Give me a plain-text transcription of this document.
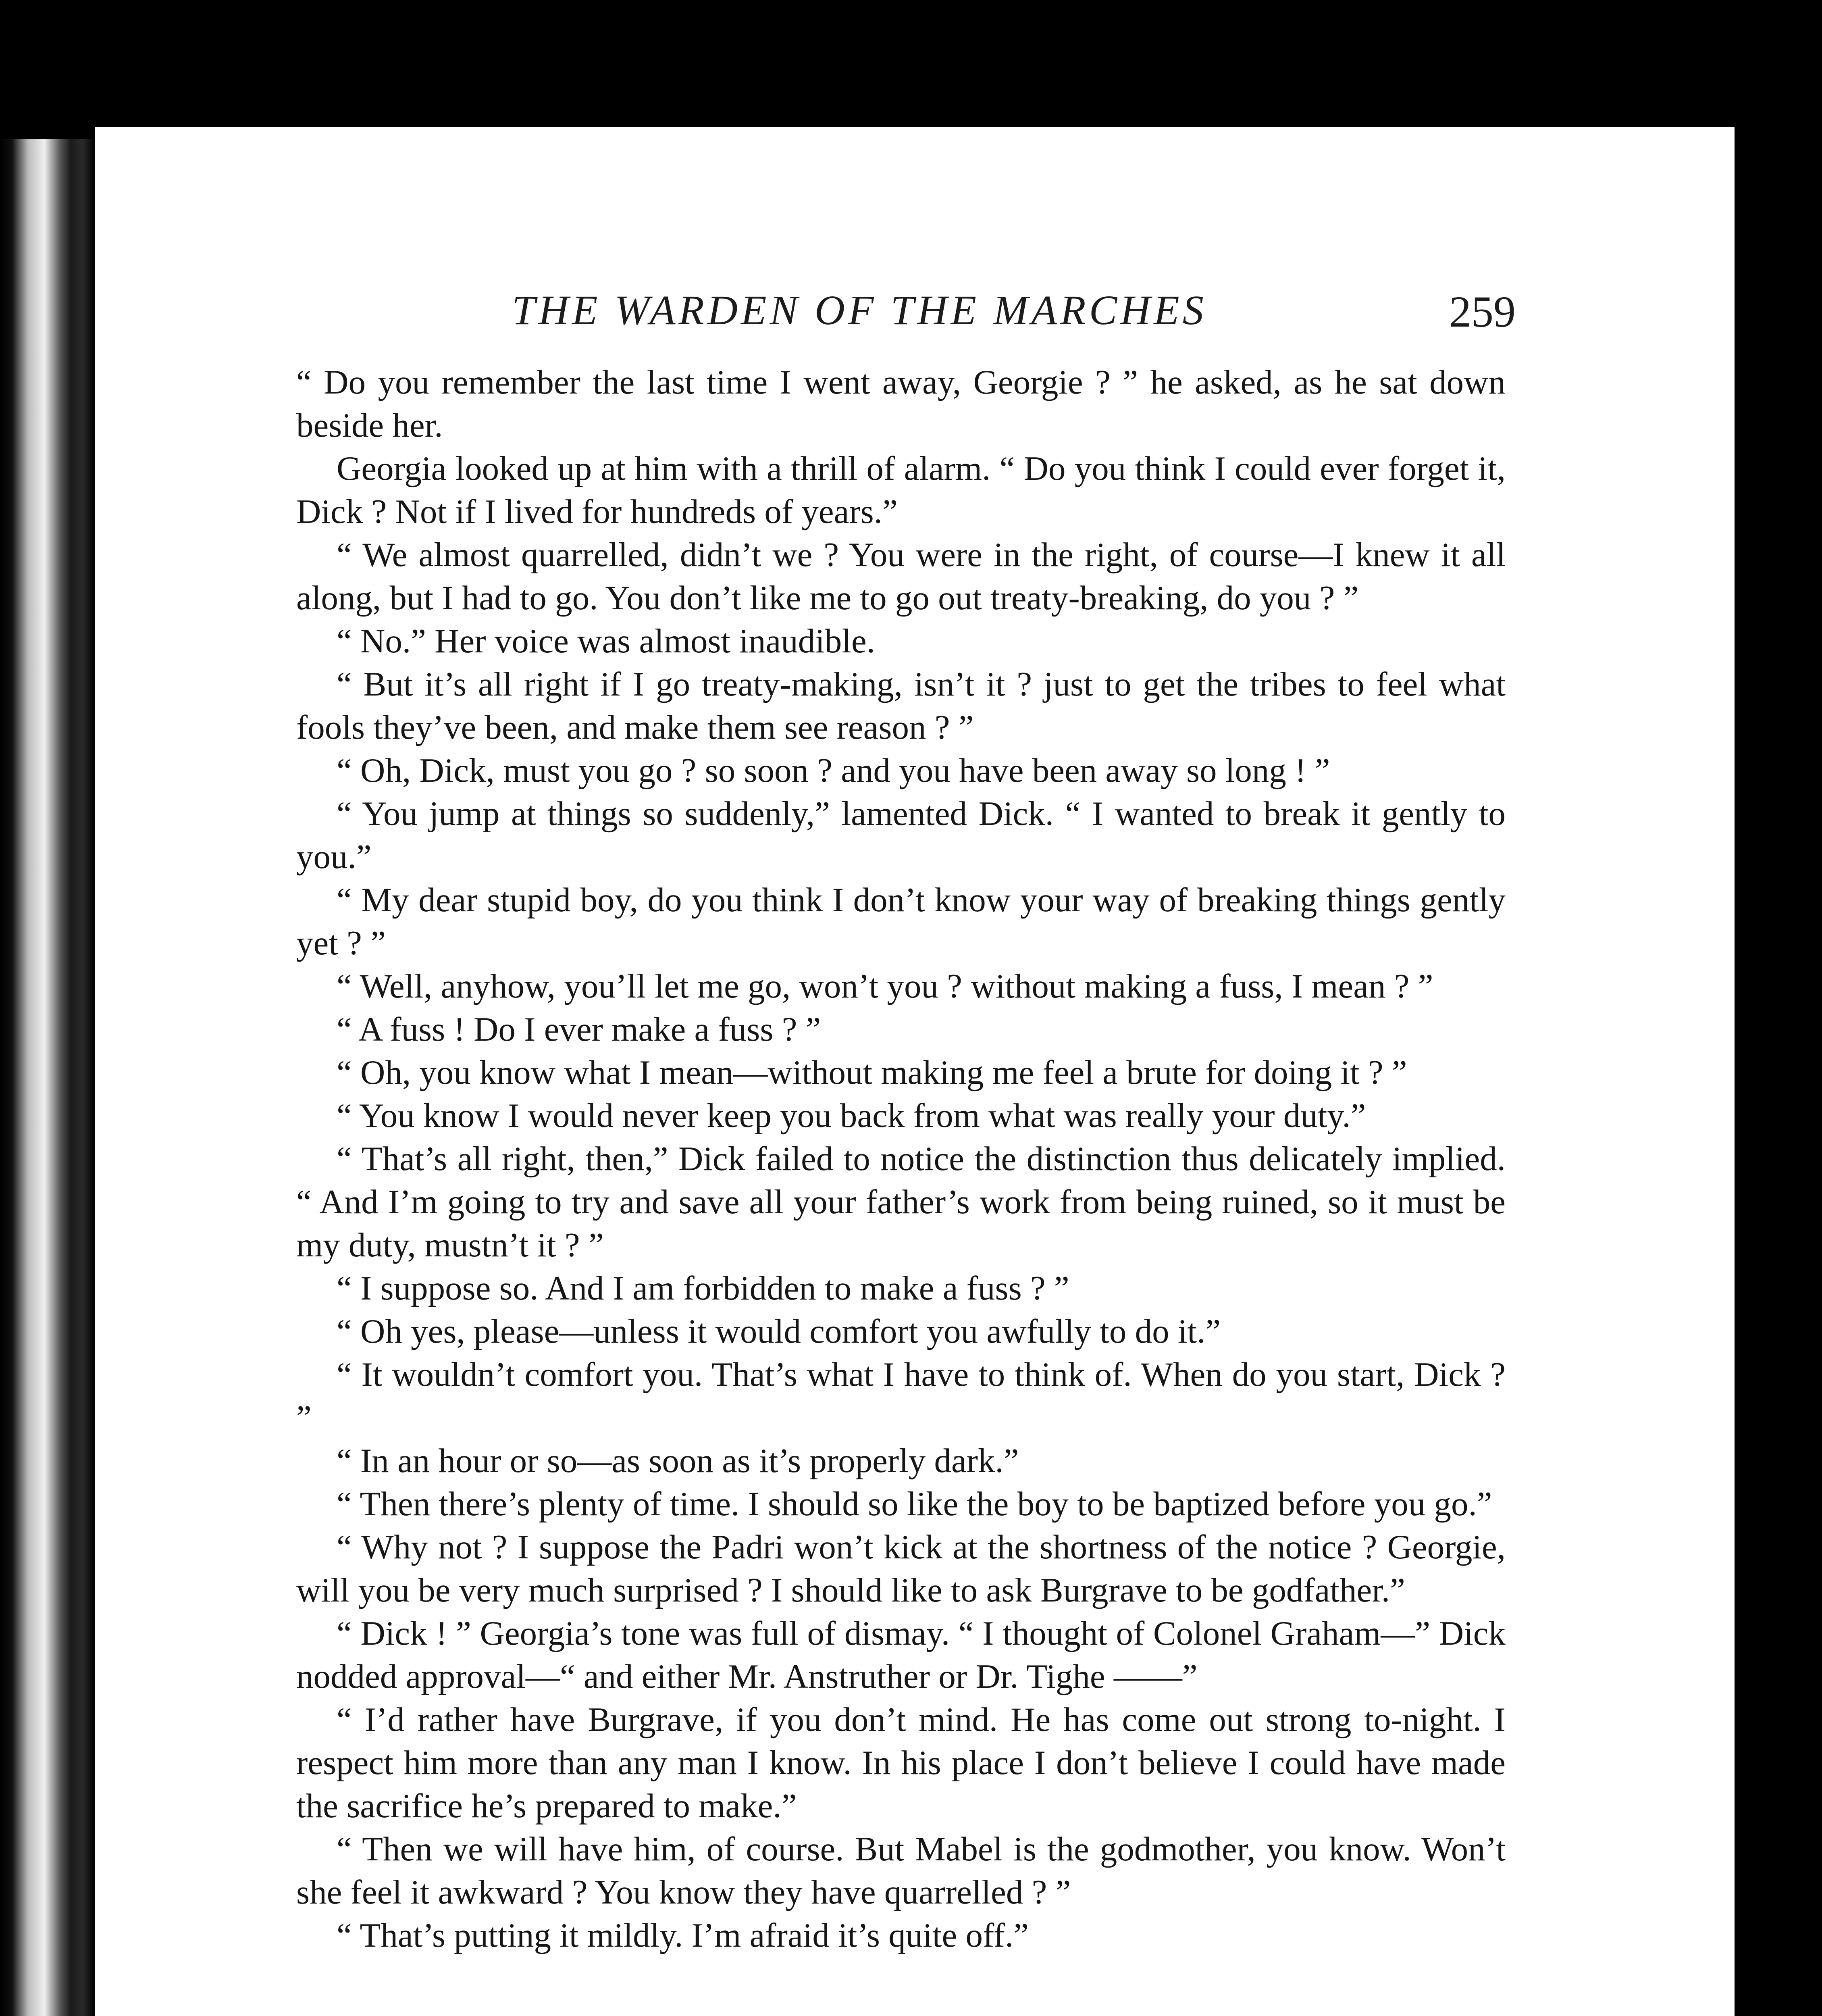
THE WARDEN OF THE MARCHES	259

“ Do you remember the last time I went away, Georgie ? ” he asked, as he sat down beside her.

Georgia looked up at him with a thrill of alarm. “ Do you think I could ever forget it, Dick ? Not if I lived for hundreds of years.”

“ We almost quarrelled, didn’t we ? You were in the right, of course—I knew it all along, but I had to go. You don’t like me to go out treaty-breaking, do you ? ”

“ No.” Her voice was almost inaudible.

“ But it’s all right if I go treaty-making, isn’t it ? just to get the tribes to feel what fools they’ve been, and make them see reason ? ”

“ Oh, Dick, must you go ? so soon ? and you have been away so long ! ”

“ You jump at things so suddenly,” lamented Dick. “ I wanted to break it gently to you.”

“ My dear stupid boy, do you think I don’t know your way of breaking things gently yet ? ”

“ Well, anyhow, you’ll let me go, won’t you ? without making a fuss, I mean ? ”

“ A fuss ! Do I ever make a fuss ? ”

“ Oh, you know what I mean—without making me feel a brute for doing it ? ”

“ You know I would never keep you back from what was really your duty.”

“ That’s all right, then,” Dick failed to notice the distinction thus delicately implied. “ And I’m going to try and save all your father’s work from being ruined, so it must be my duty, mustn’t it ? ”

“ I suppose so. And I am forbidden to make a fuss ? ”

“ Oh yes, please—unless it would comfort you awfully to do it.”

“ It wouldn’t comfort you. That’s what I have to think of. When do you start, Dick ? ”

“ In an hour or so—as soon as it’s properly dark.”

“ Then there’s plenty of time. I should so like the boy to be baptized before you go.”

“ Why not ? I suppose the Padri won’t kick at the shortness of the notice ? Georgie, will you be very much surprised ? I should like to ask Burgrave to be godfather.”

“ Dick ! ” Georgia’s tone was full of dismay. “ I thought of Colonel Graham—” Dick nodded approval—“ and either Mr. Anstruther or Dr. Tighe ——”

“ I’d rather have Burgrave, if you don’t mind. He has come out strong to-night. I respect him more than any man I know. In his place I don’t believe I could have made the sacrifice he’s prepared to make.”

“ Then we will have him, of course. But Mabel is the godmother, you know. Won’t she feel it awkward ? You know they have quarrelled ? ”

“ That’s putting it mildly. I’m afraid it’s quite off.”
